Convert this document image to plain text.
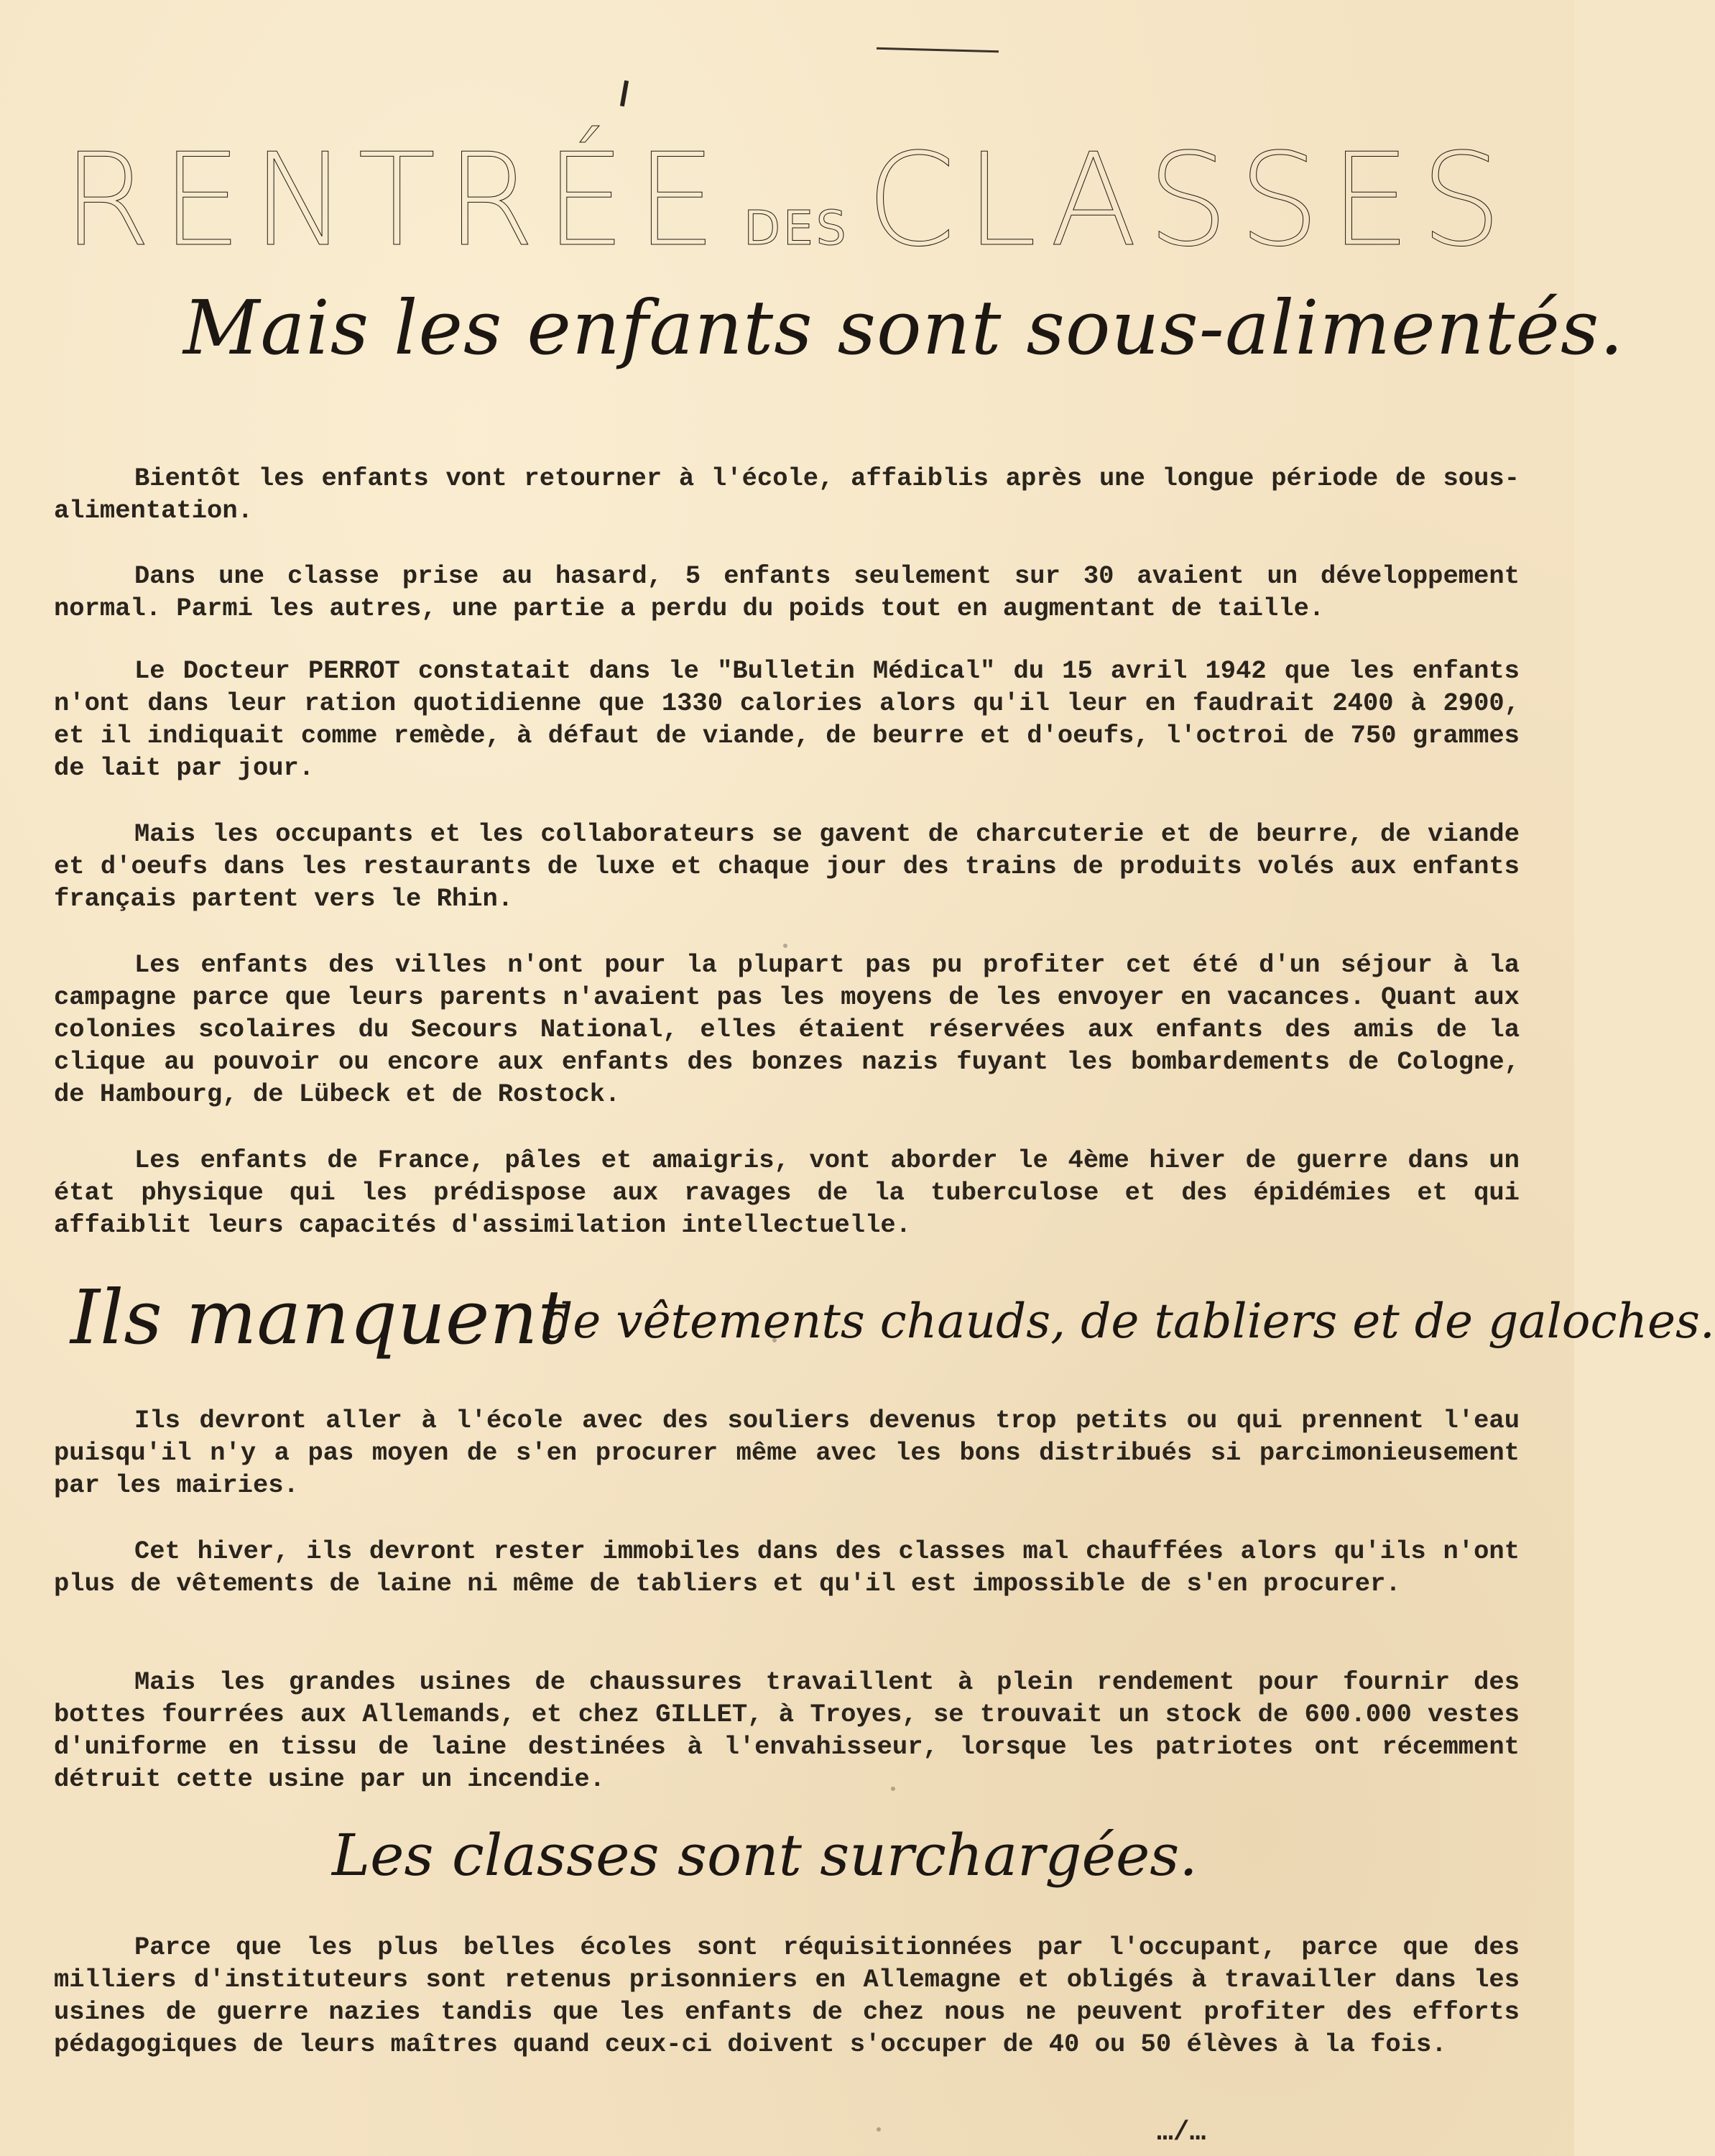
RENTRÉE DES CLASSES
Mais les enfants sont sous-alimentés.

Bientôt les enfants vont retourner à l'école, affaiblis après une longue période de sous-alimentation.

Dans une classe prise au hasard, 5 enfants seulement sur 30 avaient un développement normal. Parmi les autres, une partie a perdu du poids tout en augmentant de taille.

Le Docteur PERROT constatait dans le "Bulletin Médical" du 15 avril 1942 que les enfants n'ont dans leur ration quotidienne que 1330 calories alors qu'il leur en faudrait 2400 à 2900, et il indiquait comme remède, à défaut de viande, de beurre et d'oeufs, l'octroi de 750 grammes de lait par jour.

Mais les occupants et les collaborateurs se gavent de charcuterie et de beurre, de viande et d'oeufs dans les restaurants de luxe et chaque jour des trains de produits volés aux enfants français partent vers le Rhin.

Les enfants des villes n'ont pour la plupart pas pu profiter cet été d'un séjour à la campagne parce que leurs parents n'avaient pas les moyens de les envoyer en vacances. Quant aux colonies scolaires du Secours National, elles étaient réservées aux enfants des amis de la clique au pouvoir ou encore aux enfants des bonzes nazis fuyant les bombardements de Cologne, de Hambourg, de Lübeck et de Rostock.

Les enfants de France, pâles et amaigris, vont aborder le 4ème hiver de guerre dans un état physique qui les prédispose aux ravages de la tuberculose et des épidémies et qui affaiblit leurs capacités d'assimilation intellectuelle.

Ils manquent
de vêtements chauds, de tabliers et de galoches.

Ils devront aller à l'école avec des souliers devenus trop petits ou qui prennent l'eau puisqu'il n'y a pas moyen de s'en procurer même avec les bons distribués si parcimonieusement par les mairies.

Cet hiver, ils devront rester immobiles dans des classes mal chauffées alors qu'ils n'ont plus de vêtements de laine ni même de tabliers et qu'il est impossible de s'en procurer.

Mais les grandes usines de chaussures travaillent à plein rendement pour fournir des bottes fourrées aux Allemands, et chez GILLET, à Troyes, se trouvait un stock de 600.000 vestes d'uniforme en tissu de laine destinées à l'envahisseur, lorsque les patriotes ont récemment détruit cette usine par un incendie.

Les classes sont surchargées.

Parce que les plus belles écoles sont réquisitionnées par l'occupant, parce que des milliers d'instituteurs sont retenus prisonniers en Allemagne et obligés à travailler dans les usines de guerre nazies tandis que les enfants de chez nous ne peuvent profiter des efforts pédagogiques de leurs maîtres quand ceux-ci doivent s'occuper de 40 ou 50 élèves à la fois.

…/…
